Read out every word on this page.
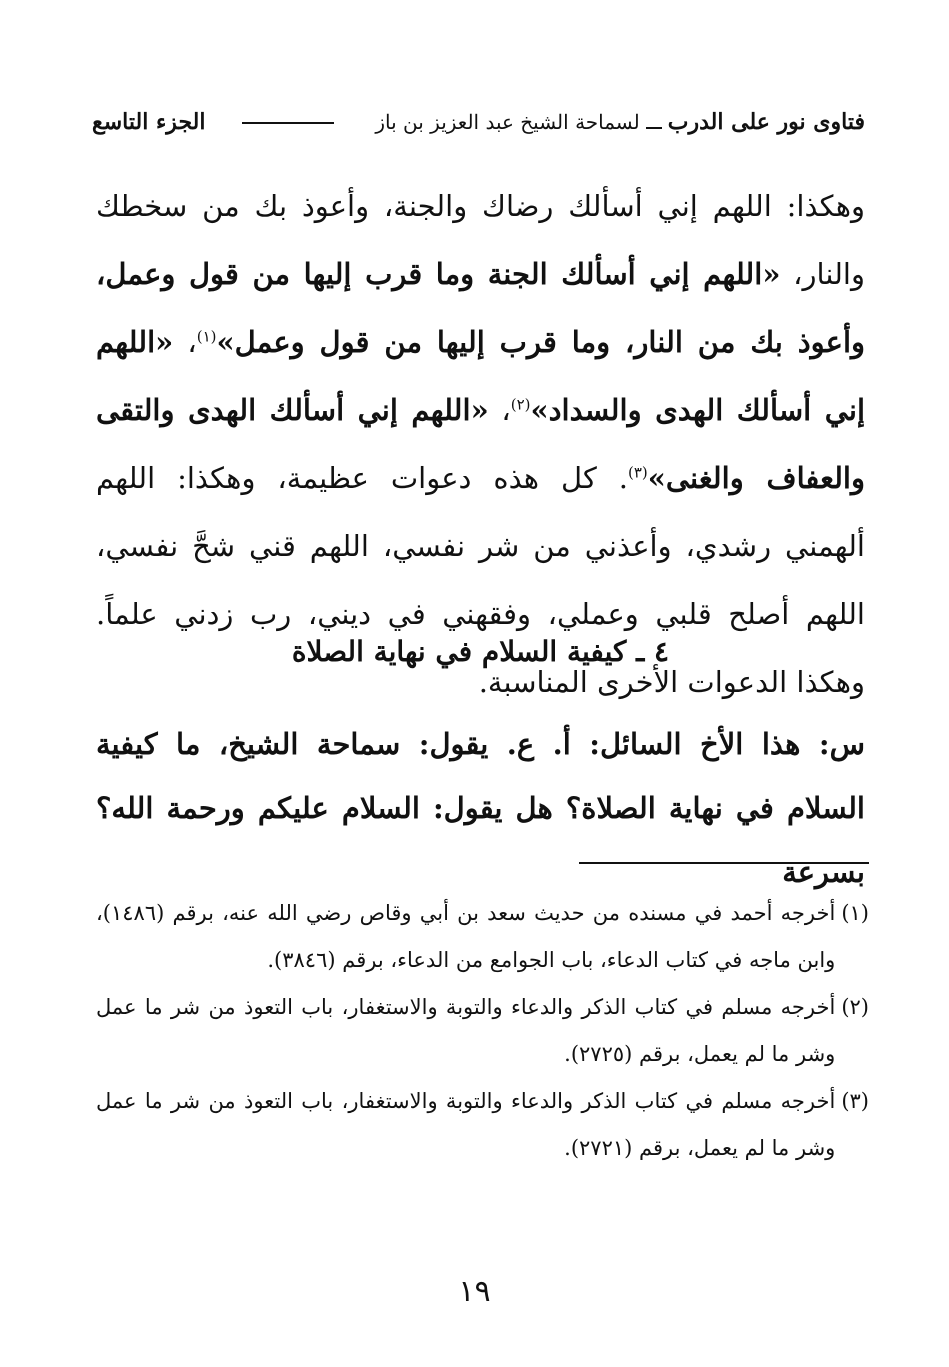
فتاوى نور على الدربلسماحة الشيخ عبد العزيز بن باز
الجزء التاسع
وهكذا: اللهم إني أسألك رضاك والجنة، وأعوذ بك من سخطك والنار، «اللهم إني أسألك الجنة وما قرب إليها من قول وعمل، وأعوذ بك من النار، وما قرب إليها من قول وعمل»$^{(١)}$، «اللهم إني أسألك الهدى والسداد»$^{(٢)}$، «اللهم إني أسألك الهدى والتقى والعفاف والغنى»$^{(٣)}$. كل هذه دعوات عظيمة، وهكذا: اللهم ألهمني رشدي، وأعذني من شر نفسي، اللهم قني شحَّ نفسي، اللهم أصلح قلبي وعملي، وفقهني في ديني، رب زدني علماً. وهكذا الدعوات الأخرى المناسبة.
٤ ـ كيفية السلام في نهاية الصلاة
س: هذا الأخ السائل: أ. ع. يقول: سماحة الشيخ، ما كيفية السلام في نهاية الصلاة؟ هل يقول: السلام عليكم ورحمة الله؟ بسرعة
(١)
أخرجه أحمد في مسنده من حديث سعد بن أبي وقاص رضي الله عنه، برقم (١٤٨٦)، وابن ماجه في كتاب الدعاء، باب الجوامع من الدعاء، برقم (٣٨٤٦).
(٢)
أخرجه مسلم في كتاب الذكر والدعاء والتوبة والاستغفار، باب التعوذ من شر ما عمل وشر ما لم يعمل، برقم (٢٧٢٥).
(٣)
أخرجه مسلم في كتاب الذكر والدعاء والتوبة والاستغفار، باب التعوذ من شر ما عمل وشر ما لم يعمل، برقم (٢٧٢١).
١٩
